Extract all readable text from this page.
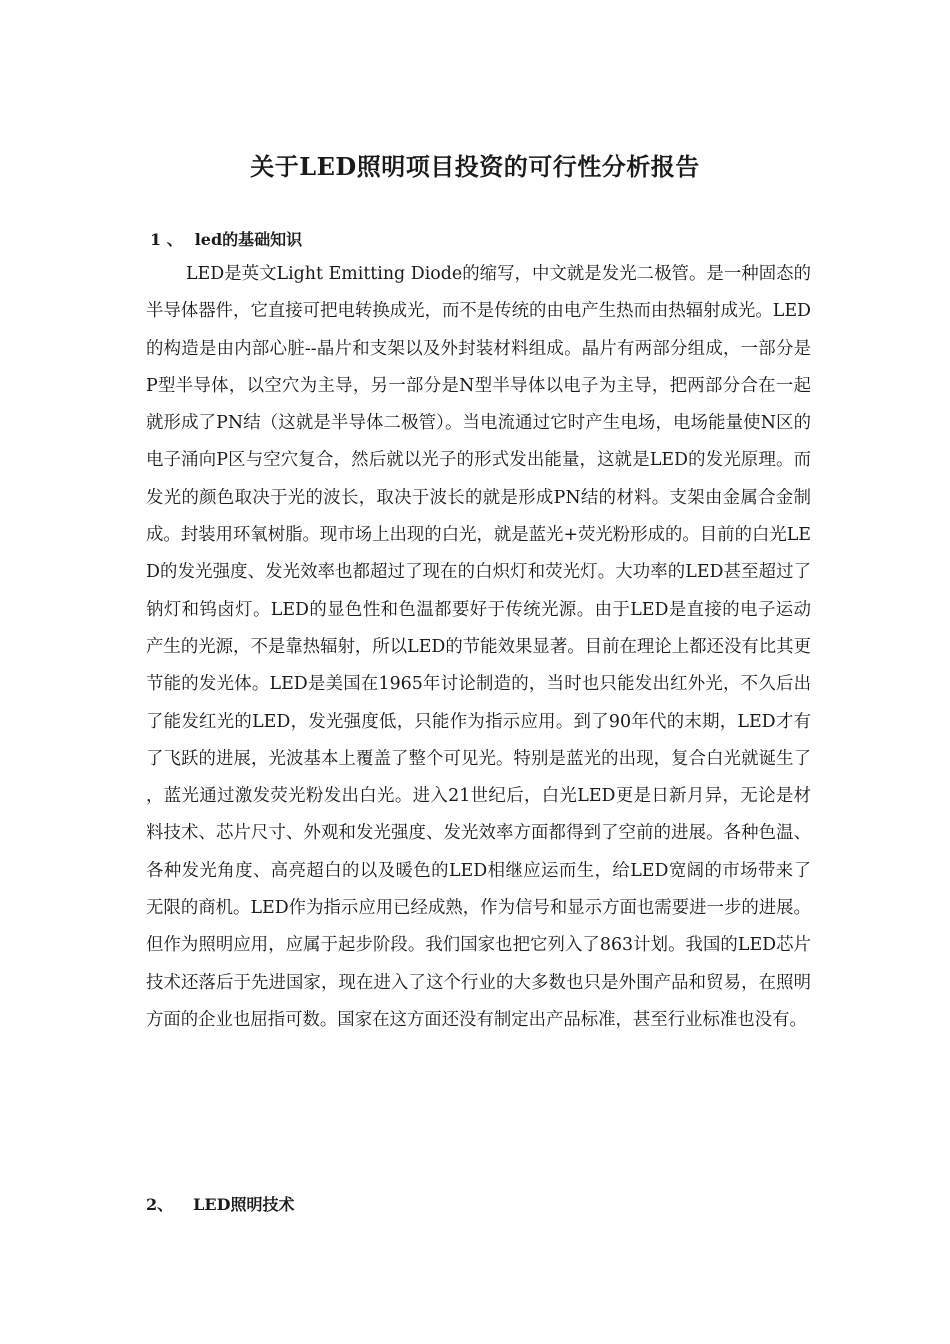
关于LED照明项目投资的可行性分析报告
1 、 led的基础知识

LED是英文Light Emitting Diode的缩写，中文就是发光二极管。是一种固态的半导体器件，它直接可把电转换成光，而不是传统的由电产生热而由热辐射成光。LED的构造是由内部心脏--晶片和支架以及外封装材料组成。晶片有两部分组成，一部分是P型半导体，以空穴为主导，另一部分是N型半导体以电子为主导，把两部分合在一起就形成了PN结（这就是半导体二极管）。当电流通过它时产生电场，电场能量使N区的电子涌向P区与空穴复合，然后就以光子的形式发出能量，这就是LED的发光原理。而发光的颜色取决于光的波长，取决于波长的就是形成PN结的材料。支架由金属合金制成。封装用环氧树脂。现市场上出现的白光，就是蓝光+荧光粉形成的。目前的白光LED的发光强度、发光效率也都超过了现在的白炽灯和荧光灯。大功率的LED甚至超过了钠灯和钨卤灯。LED的显色性和色温都要好于传统光源。由于LED是直接的电子运动产生的光源，不是靠热辐射，所以LED的节能效果显著。目前在理论上都还没有比其更节能的发光体。LED是美国在1965年讨论制造的，当时也只能发出红外光，不久后出了能发红光的LED，发光强度低，只能作为指示应用。到了90年代的末期，LED才有了飞跃的进展，光波基本上覆盖了整个可见光。特别是蓝光的出现，复合白光就诞生了，蓝光通过激发荧光粉发出白光。进入21世纪后，白光LED更是日新月异，无论是材料技术、芯片尺寸、外观和发光强度、发光效率方面都得到了空前的进展。各种色温、各种发光角度、高亮超白的以及暖色的LED相继应运而生，给LED宽阔的市场带来了无限的商机。LED作为指示应用已经成熟，作为信号和显示方面也需要进一步的进展。但作为照明应用，应属于起步阶段。我们国家也把它列入了863计划。我国的LED芯片技术还落后于先进国家，现在进入了这个行业的大多数也只是外围产品和贸易，在照明方面的企业也屈指可数。国家在这方面还没有制定出产品标准，甚至行业标准也没有。

2、 LED照明技术
